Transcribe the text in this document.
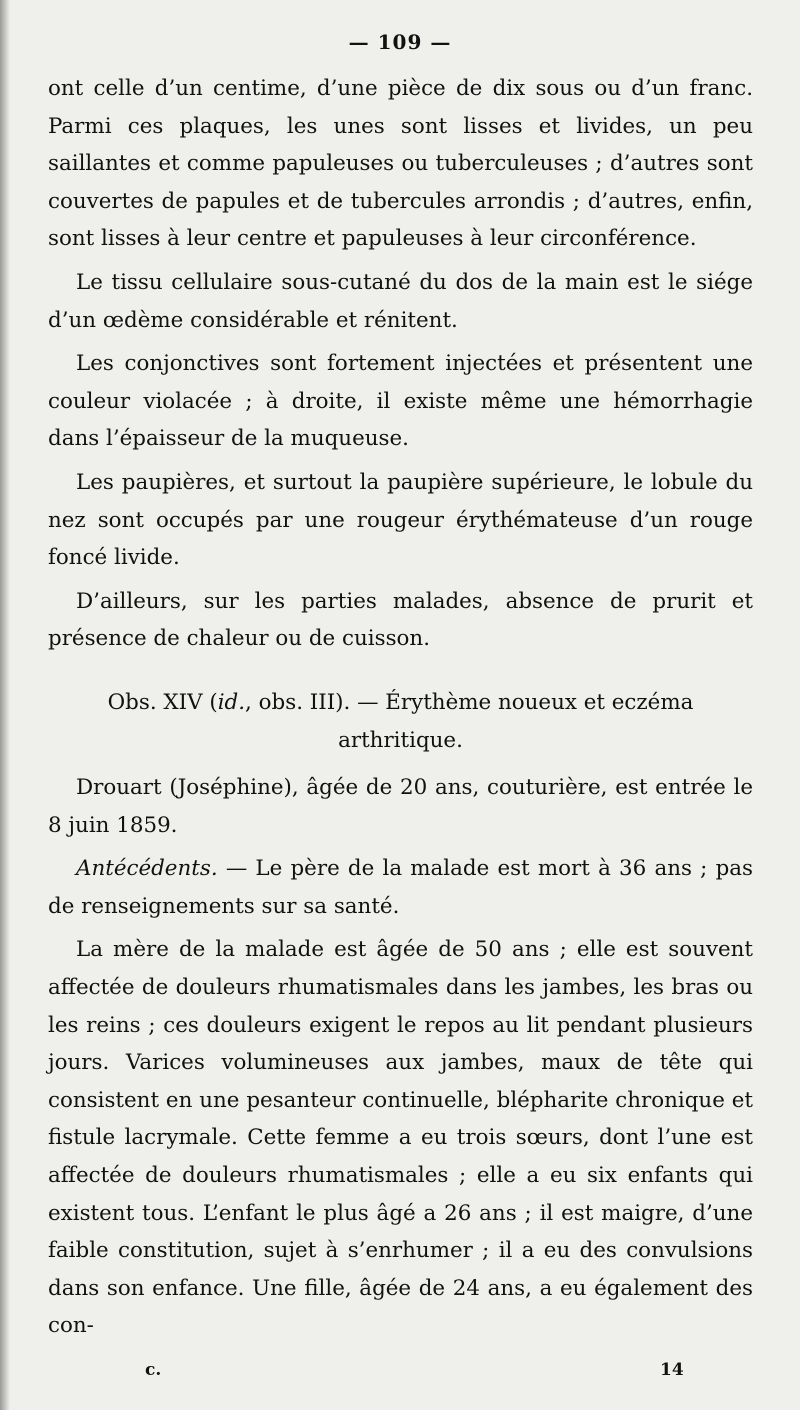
— 109 —

ont celle d’un centime, d’une pièce de dix sous ou d’un franc. Parmi ces plaques, les unes sont lisses et livides, un peu saillantes et comme papuleuses ou tuberculeuses ; d’autres sont couvertes de papules et de tubercules arrondis ; d’autres, enfin, sont lisses à leur centre et papuleuses à leur circonférence.

Le tissu cellulaire sous-cutané du dos de la main est le siége d’un œdème considérable et rénitent.

Les conjonctives sont fortement injectées et présentent une couleur violacée ; à droite, il existe même une hémorrhagie dans l’épaisseur de la muqueuse.

Les paupières, et surtout la paupière supérieure, le lobule du nez sont occupés par une rougeur érythémateuse d’un rouge foncé livide.

D’ailleurs, sur les parties malades, absence de prurit et présence de chaleur ou de cuisson.

Obs. XIV (id., obs. III). — Érythème noueux et eczéma
arthritique.

Drouart (Joséphine), âgée de 20 ans, couturière, est entrée le 8 juin 1859.

Antécédents. — Le père de la malade est mort à 36 ans ; pas de renseignements sur sa santé.

La mère de la malade est âgée de 50 ans ; elle est souvent affectée de douleurs rhumatismales dans les jambes, les bras ou les reins ; ces douleurs exigent le repos au lit pendant plusieurs jours. Varices volumineuses aux jambes, maux de tête qui consistent en une pesanteur continuelle, blépharite chronique et fistule lacrymale. Cette femme a eu trois sœurs, dont l’une est affectée de douleurs rhumatismales ; elle a eu six enfants qui existent tous. L’enfant le plus âgé a 26 ans ; il est maigre, d’une faible constitution, sujet à s’enrhumer ; il a eu des convulsions dans son enfance. Une fille, âgée de 24 ans, a eu également des con-

c.	14
